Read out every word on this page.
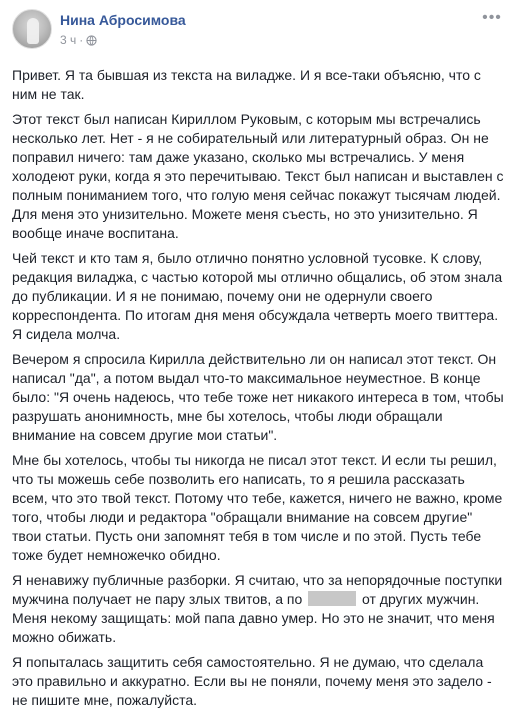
Нина Абросимова
3 ч ·
•••

Привет. Я та бывшая из текста на виладже. И я все-таки объясню, что с ним не так.

Этот текст был написан Кириллом Руковым, с которым мы встречались несколько лет. Нет - я не собирательный или литературный образ. Он не поправил ничего: там даже указано, сколько мы встречались. У меня холодеют руки, когда я это перечитываю. Текст был написан и выставлен с полным пониманием того, что голую меня сейчас покажут тысячам людей. Для меня это унизительно. Можете меня съесть, но это унизительно. Я вообще иначе воспитана.

Чей текст и кто там я, было отлично понятно условной тусовке. К слову, редакция виладжа, с частью которой мы отлично общались, об этом знала до публикации. И я не понимаю, почему они не одернули своего корреспондента. По итогам дня меня обсуждала четверть моего твиттера. Я сидела молча.

Вечером я спросила Кирилла действительно ли он написал этот текст. Он написал "да", а потом выдал что-то максимальное неуместное. В конце было: "Я очень надеюсь, что тебе тоже нет никакого интереса в том, чтобы разрушать анонимность, мне бы хотелось, чтобы люди обращали внимание на совсем другие мои статьи".

Мне бы хотелось, чтобы ты никогда не писал этот текст. И если ты решил, что ты можешь себе позволить его написать, то я решила рассказать всем, что это твой текст. Потому что тебе, кажется, ничего не важно, кроме того, чтобы люди и редактора "обращали внимание на совсем другие" твои статьи. Пусть они запомнят тебя в том числе и по этой. Пусть тебе тоже будет немножечко обидно.

Я ненавижу публичные разборки. Я считаю, что за непорядочные поступки мужчина получает не пару злых твитов, а по	от других мужчин. Меня некому защищать: мой папа давно умер. Но это не значит, что меня можно обижать.

Я попыталась защитить себя самостоятельно. Я не думаю, что сделала это правильно и аккуратно. Если вы не поняли, почему меня это задело - не пишите мне, пожалуйста.
